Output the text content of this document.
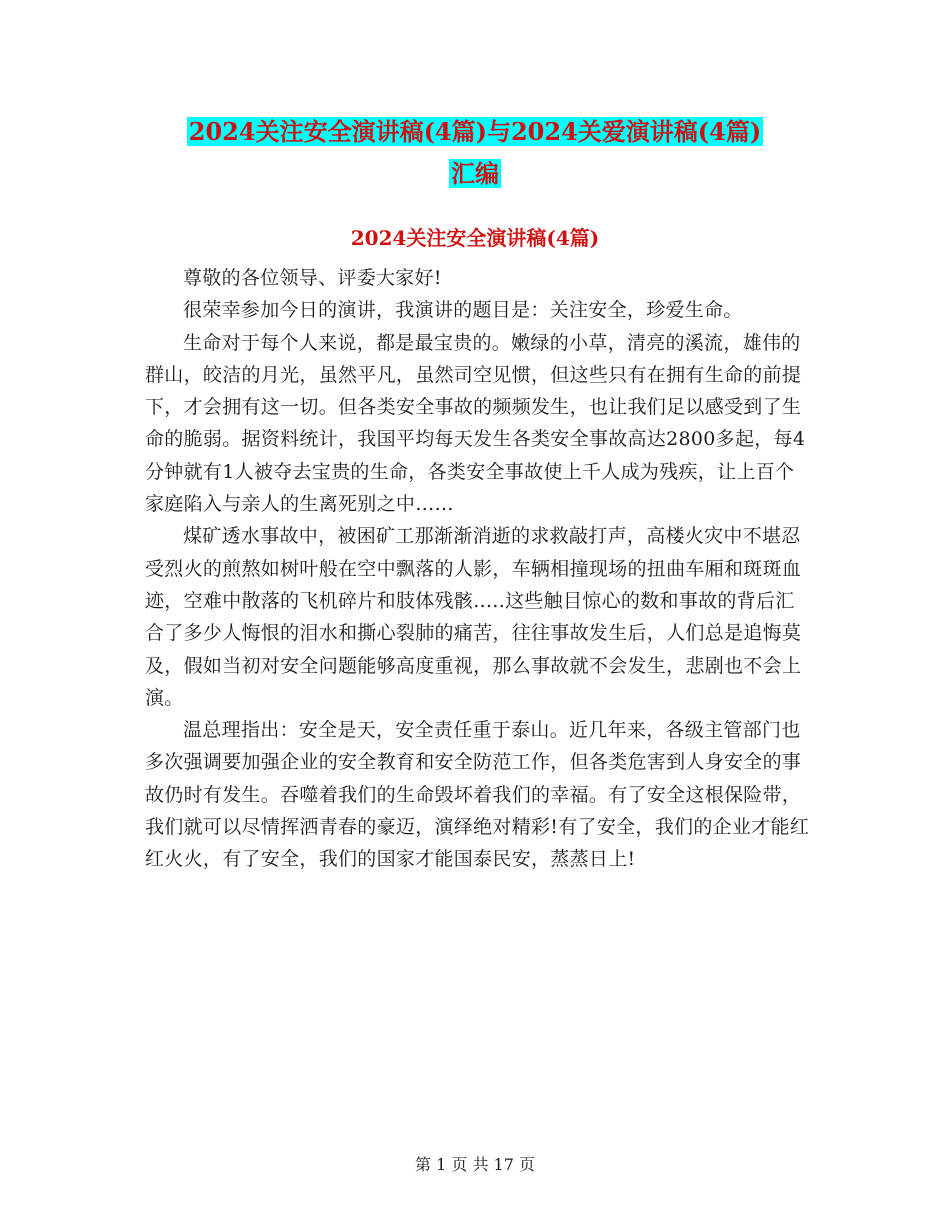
2024关注安全演讲稿(4篇)与2024关爱演讲稿(4篇)
汇编
2024关注安全演讲稿(4篇)

尊敬的各位领导、评委大家好!

很荣幸参加今日的演讲，我演讲的题目是：关注安全，珍爱生命。

生命对于每个人来说，都是最宝贵的。嫩绿的小草，清亮的溪流，雄伟的群山，皎洁的月光，虽然平凡，虽然司空见惯，但这些只有在拥有生命的前提下，才会拥有这一切。但各类安全事故的频频发生，也让我们足以感受到了生命的脆弱。据资料统计，我国平均每天发生各类安全事故高达2800多起，每4分钟就有1人被夺去宝贵的生命，各类安全事故使上千人成为残疾，让上百个家庭陷入与亲人的生离死别之中……

煤矿透水事故中，被困矿工那渐渐消逝的求救敲打声，高楼火灾中不堪忍受烈火的煎熬如树叶般在空中飘落的人影，车辆相撞现场的扭曲车厢和斑斑血迹，空难中散落的飞机碎片和肢体残骸…..这些触目惊心的数和事故的背后汇合了多少人悔恨的泪水和撕心裂肺的痛苦，往往事故发生后，人们总是追悔莫及，假如当初对安全问题能够高度重视，那么事故就不会发生，悲剧也不会上演。

温总理指出：安全是天，安全责任重于泰山。近几年来，各级主管部门也多次强调要加强企业的安全教育和安全防范工作，但各类危害到人身安全的事故仍时有发生。吞噬着我们的生命毁坏着我们的幸福。有了安全这根保险带，我们就可以尽情挥洒青春的豪迈，演绎绝对精彩!有了安全，我们的企业才能红红火火，有了安全，我们的国家才能国泰民安，蒸蒸日上!

第 1 页 共 17 页
